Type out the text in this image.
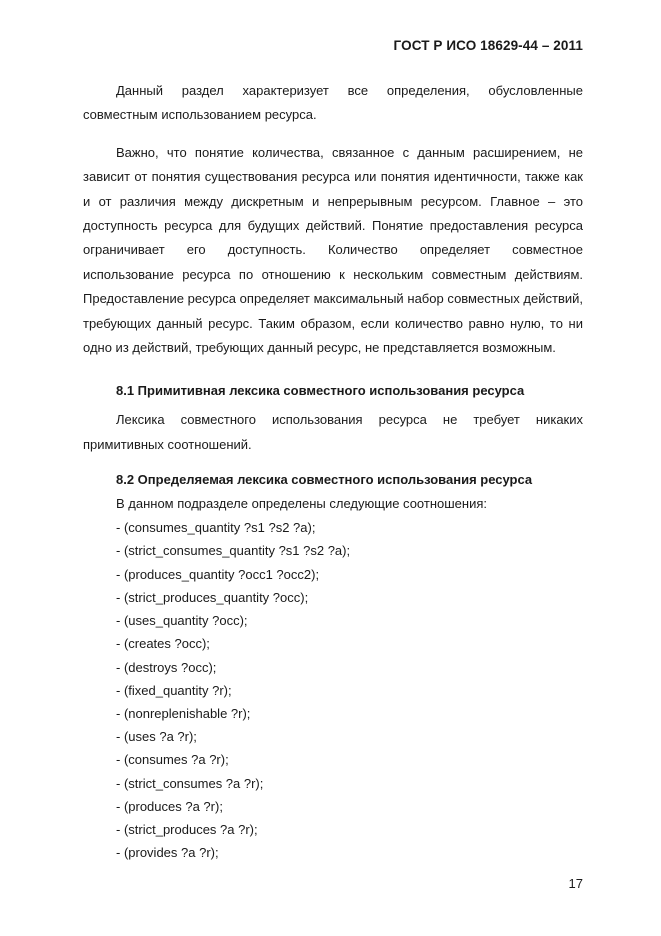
ГОСТ Р ИСО 18629-44 – 2011

Данный раздел характеризует все определения, обусловленные совместным использованием ресурса.

Важно, что понятие количества, связанное с данным расширением, не зависит от понятия существования ресурса или понятия идентичности, также как и от различия между дискретным и непрерывным ресурсом. Главное – это доступность ресурса для будущих действий. Понятие предоставления ресурса ограничивает его доступность. Количество определяет совместное использование ресурса по отношению к нескольким совместным действиям. Предоставление ресурса определяет максимальный набор совместных действий, требующих данный ресурс. Таким образом, если количество равно нулю, то ни одно из действий, требующих данный ресурс, не представляется возможным.

8.1 Примитивная лексика совместного использования ресурса

Лексика совместного использования ресурса не требует никаких примитивных соотношений.

8.2 Определяемая лексика совместного использования ресурса

В данном подразделе определены следующие соотношения:

- (consumes_quantity ?s1 ?s2 ?a);
- (strict_consumes_quantity ?s1 ?s2 ?a);
- (produces_quantity ?occ1 ?occ2);
- (strict_produces_quantity ?occ);
- (uses_quantity ?occ);
- (creates ?occ);
- (destroys ?occ);
- (fixed_quantity ?r);
- (nonreplenishable ?r);
- (uses ?a ?r);
- (consumes ?a ?r);
- (strict_consumes ?a ?r);
- (produces ?a ?r);
- (strict_produces ?a ?r);
- (provides ?a ?r);
17
